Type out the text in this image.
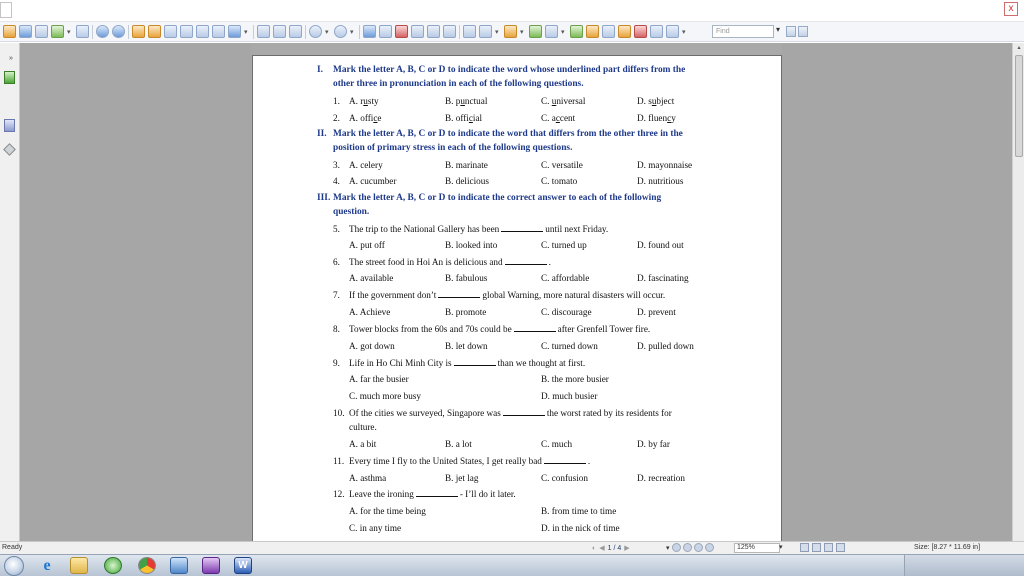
x
▾	▾	▾	▾	▾	▾	▾	▾	Find	▾
»
▴
I. Mark the letter A, B, C or D to indicate the word whose underlined part differs from the
other three in pronunciation in each of the following questions.
1. A. rusty	B. punctual	C. universal	D. subject
2. A. office	B. official	C. accent	D. fluency
II. Mark the letter A, B, C or D to indicate the word that differs from the other three in the
position of primary stress in each of the following questions.
3. A. celery	B. marinate	C. versatile	D. mayonnaise
4. A. cucumber	B. delicious	C. tomato	D. nutritious
III. Mark the letter A, B, C or D to indicate the correct answer to each of the following
question.
5. The trip to the National Gallery has been	until next Friday.
A. put off	B. looked into	C. turned up	D. found out
6. The street food in Hoi An is delicious and	.
A. available	B. fabulous	C. affordable	D. fascinating
7. If the government don’t	global Warning, more natural disasters will occur.
A. Achieve	B. promote	C. discourage	D. prevent
8. Tower blocks from the 60s and 70s could be	after Grenfell Tower fire.
A. got down	B. let down	C. turned down	D. pulled down
9. Life in Ho Chi Minh City is	than we thought at first.
A. far the busier	B. the more busier
C. much more busy	D. much busier
10. Of the cities we surveyed, Singapore was	the worst rated by its residents for
culture.
A. a bit	B. a lot	C. much	D. by far
11. Every time I fly to the United States, I get really bad	.
A. asthma	B. jet lag	C. confusion	D. recreation
12. Leave the ironing	- I’ll do it later.
A. for the time being	B. from time to time
C. in any time	D. in the nick of time
Ready	◐ ◀ 1 / 4 ▶	▾	125%	▾	Size: [8.27 * 11.69 in]
e	W
